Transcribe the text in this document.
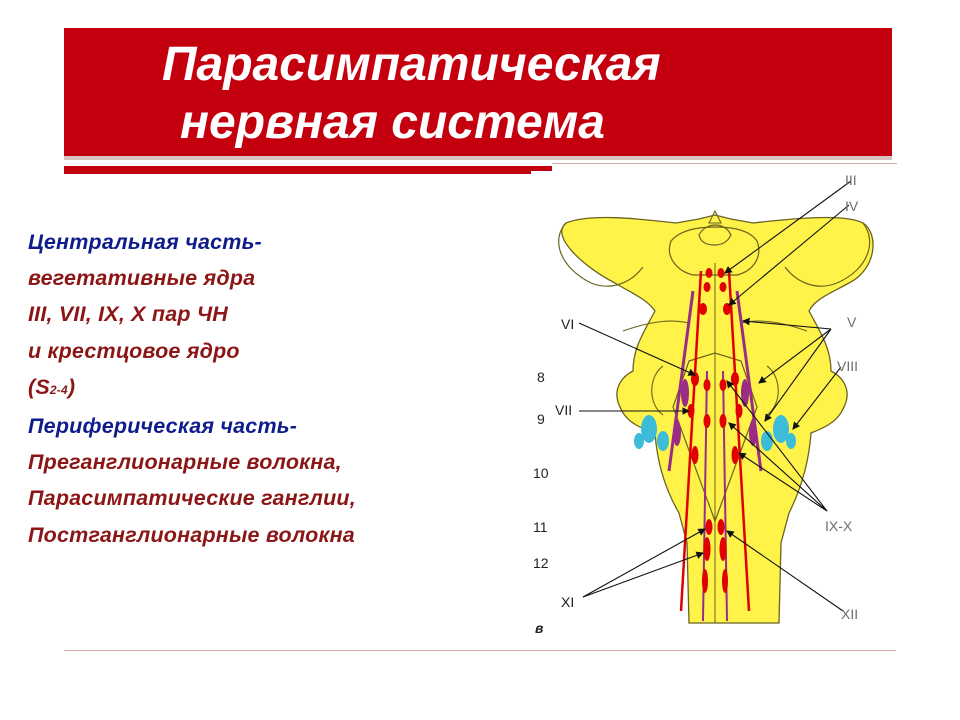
Парасимпатическая
нервная система
Центральная часть-
вегетативные ядра
III, VII, IX, X пар ЧН
и крестцовое ядро
(S2-4)
Периферическая часть-
Преганглионарные волокна,
Парасимпатические ганглии,
Постганглионарные волокна
III
IV
V
VIII
IX-X
XII
VI
VII
XI
8
9
10
11
12
в
